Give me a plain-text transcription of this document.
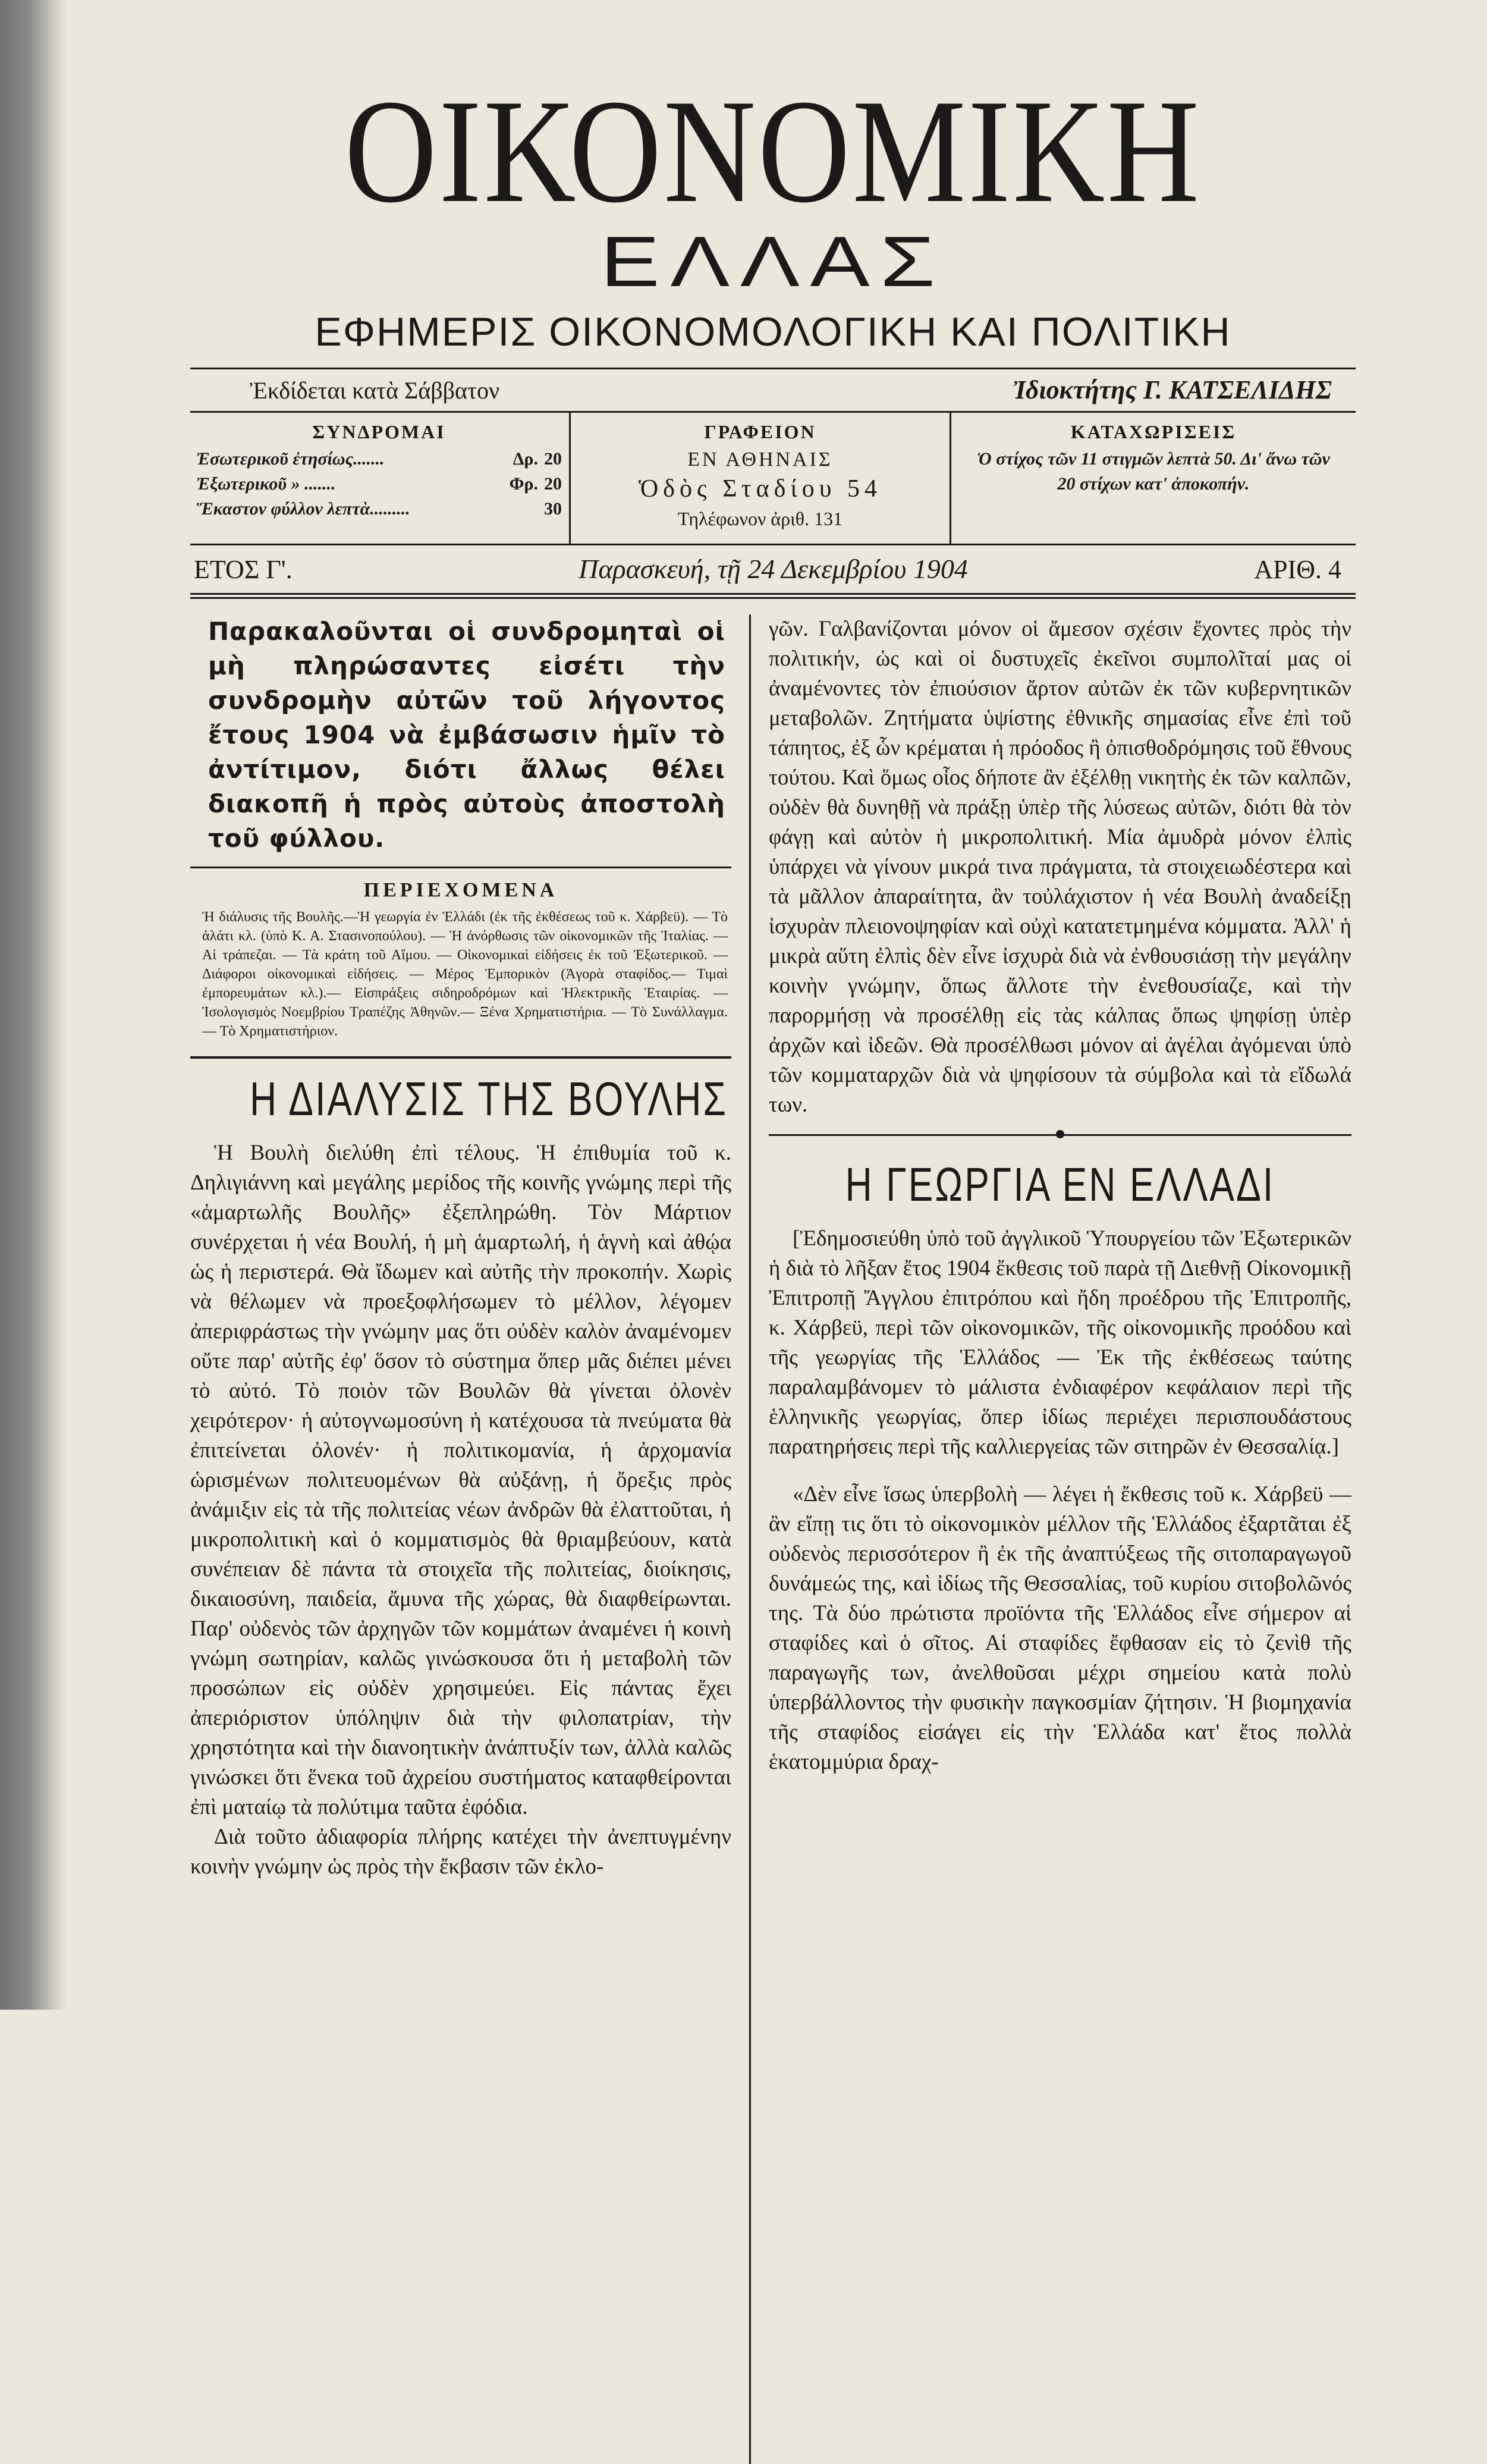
ΟΙΚΟΝΟΜΙΚΗ
ΕΛΛΑΣ
ΕΦΗΜΕΡΙΣ ΟΙΚΟΝΟΜΟΛΟΓΙΚΗ ΚΑΙ ΠΟΛΙΤΙΚΗ
Ἐκδίδεται κατὰ Σάββατον	Ἰδιοκτήτης Γ. ΚΑΤΣΕΛΙΔΗΣ
ΣΥΝΔΡΟΜΑΙ
Ἐσωτερικοῦ ἐτησίως.......	Δρ. 20
Ἐξωτερικοῦ » .......	Φρ. 20
Ἕκαστον φύλλον λεπτὰ.........	30
ΓΡΑΦΕΙΟΝ
ΕΝ ΑΘΗΝΑΙΣ
Ὁδὸς Σταδίου 54
Τηλέφωνον ἀριθ. 131
ΚΑΤΑΧΩΡΙΣΕΙΣ
Ὁ στίχος τῶν 11 στιγμῶν λεπτὰ 50. Δι' ἄνω τῶν 20 στίχων κατ' ἀποκοπήν.
ΕΤΟΣ Γ'.	Παρασκευή, τῇ 24 Δεκεμβρίου 1904	ΑΡΙΘ. 4
Παρακαλοῦνται οἱ συνδρομηταὶ οἱ μὴ πληρώσαντες εἰσέτι τὴν συνδρομὴν αὐτῶν τοῦ λήγοντος ἔτους 1904 νὰ ἐμβάσωσιν ἡμῖν τὸ ἀντίτιμον, διότι ἄλλως θέλει διακοπῆ ἡ πρὸς αὐτοὺς ἀποστολὴ τοῦ φύλλου.
ΠΕΡΙΕΧΟΜΕΝΑ
Ἡ διάλυσις τῆς Βουλῆς.—Ἡ γεωργία ἐν Ἑλλάδι (ἐκ τῆς ἐκθέσεως τοῦ κ. Χάρβεϋ). — Τὸ ἁλάτι κλ. (ὑπὸ Κ. Α. Στασινοπούλου). — Ἡ ἀνόρθωσις τῶν οἰκονομικῶν τῆς Ἰταλίας. — Αἱ τράπεζαι. — Τὰ κράτη τοῦ Αἵμου. — Οἰκονομικαὶ εἰδήσεις ἐκ τοῦ Ἐξωτερικοῦ. — Διάφοροι οἰκονομικαὶ εἰδήσεις. — Μέρος Ἐμπορικὸν (Ἀγορὰ σταφίδος.— Τιμαὶ ἐμπορευμάτων κλ.).— Εἰσπράξεις σιδηροδρόμων καὶ Ἠλεκτρικῆς Ἑταιρίας. — Ἰσολογισμὸς Νοεμβρίου Τραπέζης Ἀθηνῶν.— Ξένα Χρηματιστήρια. — Τὸ Συνάλλαγμα.— Τὸ Χρηματιστήριον.
Η ΔΙΑΛΥΣΙΣ ΤΗΣ ΒΟΥΛΗΣ

Ἡ Βουλὴ διελύθη ἐπὶ τέλους. Ἡ ἐπιθυμία τοῦ κ. Δηλιγιάννη καὶ μεγάλης μερίδος τῆς κοινῆς γνώμης περὶ τῆς «ἁμαρτωλῆς Βουλῆς» ἐξεπληρώθη. Τὸν Μάρτιον συνέρχεται ἡ νέα Βουλή, ἡ μὴ ἁμαρτωλή, ἡ ἁγνὴ καὶ ἀθῴα ὡς ἡ περιστερά. Θὰ ἴδωμεν καὶ αὐτῆς τὴν προκοπήν. Χωρὶς νὰ θέλωμεν νὰ προεξοφλήσωμεν τὸ μέλλον, λέγομεν ἀπεριφράστως τὴν γνώμην μας ὅτι οὐδὲν καλὸν ἀναμένομεν οὔτε παρ' αὐτῆς ἐφ' ὅσον τὸ σύστημα ὅπερ μᾶς διέπει μένει τὸ αὐτό. Τὸ ποιὸν τῶν Βουλῶν θὰ γίνεται ὀλονὲν χειρότερον· ἡ αὐτογνωμοσύνη ἡ κατέχουσα τὰ πνεύματα θὰ ἐπιτείνεται ὀλονέν· ἡ πολιτικομανία, ἡ ἀρχομανία ὡρισμένων πολιτευομένων θὰ αὐξάνῃ, ἡ ὄρεξις πρὸς ἀνάμιξιν εἰς τὰ τῆς πολιτείας νέων ἀνδρῶν θὰ ἐλαττοῦται, ἡ μικροπολιτικὴ καὶ ὁ κομματισμὸς θὰ θριαμβεύουν, κατὰ συνέπειαν δὲ πάντα τὰ στοιχεῖα τῆς πολιτείας, διοίκησις, δικαιοσύνη, παιδεία, ἄμυνα τῆς χώρας, θὰ διαφθείρωνται. Παρ' οὐδενὸς τῶν ἀρχηγῶν τῶν κομμάτων ἀναμένει ἡ κοινὴ γνώμη σωτηρίαν, καλῶς γινώσκουσα ὅτι ἡ μεταβολὴ τῶν προσώπων εἰς οὐδὲν χρησιμεύει. Εἰς πάντας ἔχει ἀπεριόριστον ὑπόληψιν διὰ τὴν φιλοπατρίαν, τὴν χρηστότητα καὶ τὴν διανοητικὴν ἀνάπτυξίν των, ἀλλὰ καλῶς γινώσκει ὅτι ἕνεκα τοῦ ἀχρείου συστήματος καταφθείρονται ἐπὶ ματαίῳ τὰ πολύτιμα ταῦτα ἐφόδια.

Διὰ τοῦτο ἀδιαφορία πλήρης κατέχει τὴν ἀνεπτυγμένην κοινὴν γνώμην ὡς πρὸς τὴν ἔκβασιν τῶν ἐκλο-

γῶν. Γαλβανίζονται μόνον οἱ ἄμεσον σχέσιν ἔχοντες πρὸς τὴν πολιτικήν, ὡς καὶ οἱ δυστυχεῖς ἐκεῖνοι συμπολῖταί μας οἱ ἀναμένοντες τὸν ἐπιούσιον ἄρτον αὐτῶν ἐκ τῶν κυβερνητικῶν μεταβολῶν. Ζητήματα ὑψίστης ἐθνικῆς σημασίας εἶνε ἐπὶ τοῦ τάπητος, ἐξ ὧν κρέμαται ἡ πρόοδος ἢ ὀπισθοδρόμησις τοῦ ἔθνους τούτου. Καὶ ὅμως οἷος δήποτε ἂν ἐξέλθῃ νικητὴς ἐκ τῶν καλπῶν, οὐδὲν θὰ δυνηθῇ νὰ πράξῃ ὑπὲρ τῆς λύσεως αὐτῶν, διότι θὰ τὸν φάγῃ καὶ αὐτὸν ἡ μικροπολιτική. Μία ἀμυδρὰ μόνον ἐλπὶς ὑπάρχει νὰ γίνουν μικρά τινα πράγματα, τὰ στοιχειωδέστερα καὶ τὰ μᾶλλον ἀπαραίτητα, ἂν τοὐλάχιστον ἡ νέα Βουλὴ ἀναδείξῃ ἰσχυρὰν πλειονοψηφίαν καὶ οὐχὶ κατατετμημένα κόμματα. Ἀλλ' ἡ μικρὰ αὕτη ἐλπὶς δὲν εἶνε ἰσχυρὰ διὰ νὰ ἐνθουσιάσῃ τὴν μεγάλην κοινὴν γνώμην, ὅπως ἄλλοτε τὴν ἐνεθουσίαζε, καὶ τὴν παρορμήσῃ νὰ προσέλθῃ εἰς τὰς κάλπας ὅπως ψηφίσῃ ὑπὲρ ἀρχῶν καὶ ἰδεῶν. Θὰ προσέλθωσι μόνον αἱ ἀγέλαι ἀγόμεναι ὑπὸ τῶν κομματαρχῶν διὰ νὰ ψηφίσουν τὰ σύμβολα καὶ τὰ εἴδωλά των.

Η ΓΕΩΡΓΙΑ ΕΝ ΕΛΛΑΔΙ

[Ἐδημοσιεύθη ὑπὸ τοῦ ἀγγλικοῦ Ὑπουργείου τῶν Ἐξωτερικῶν ἡ διὰ τὸ λῆξαν ἔτος 1904 ἔκθεσις τοῦ παρὰ τῇ Διεθνῇ Οἰκονομικῇ Ἐπιτροπῇ Ἄγγλου ἐπιτρόπου καὶ ἤδη προέδρου τῆς Ἐπιτροπῆς, κ. Χάρβεϋ, περὶ τῶν οἰκονομικῶν, τῆς οἰκονομικῆς προόδου καὶ τῆς γεωργίας τῆς Ἑλλάδος — Ἐκ τῆς ἐκθέσεως ταύτης παραλαμβάνομεν τὸ μάλιστα ἐνδιαφέρον κεφάλαιον περὶ τῆς ἑλληνικῆς γεωργίας, ὅπερ ἰδίως περιέχει περισπουδάστους παρατηρήσεις περὶ τῆς καλλιεργείας τῶν σιτηρῶν ἐν Θεσσαλίᾳ.]

«Δὲν εἶνε ἴσως ὑπερβολὴ — λέγει ἡ ἔκθεσις τοῦ κ. Χάρβεϋ — ἂν εἴπῃ τις ὅτι τὸ οἰκονομικὸν μέλλον τῆς Ἑλλάδος ἐξαρτᾶται ἐξ οὐδενὸς περισσότερον ἢ ἐκ τῆς ἀναπτύξεως τῆς σιτοπαραγωγοῦ δυνάμεώς της, καὶ ἰδίως τῆς Θεσσαλίας, τοῦ κυρίου σιτοβολῶνός της. Τὰ δύο πρώτιστα προϊόντα τῆς Ἑλλάδος εἶνε σήμερον αἱ σταφίδες καὶ ὁ σῖτος. Αἱ σταφίδες ἔφθασαν εἰς τὸ ζενὶθ τῆς παραγωγῆς των, ἀνελθοῦσαι μέχρι σημείου κατὰ πολὺ ὑπερβάλλοντος τὴν φυσικὴν παγκοσμίαν ζήτησιν. Ἡ βιομηχανία τῆς σταφίδος εἰσάγει εἰς τὴν Ἑλλάδα κατ' ἔτος πολλὰ ἑκατομμύρια δραχ-
